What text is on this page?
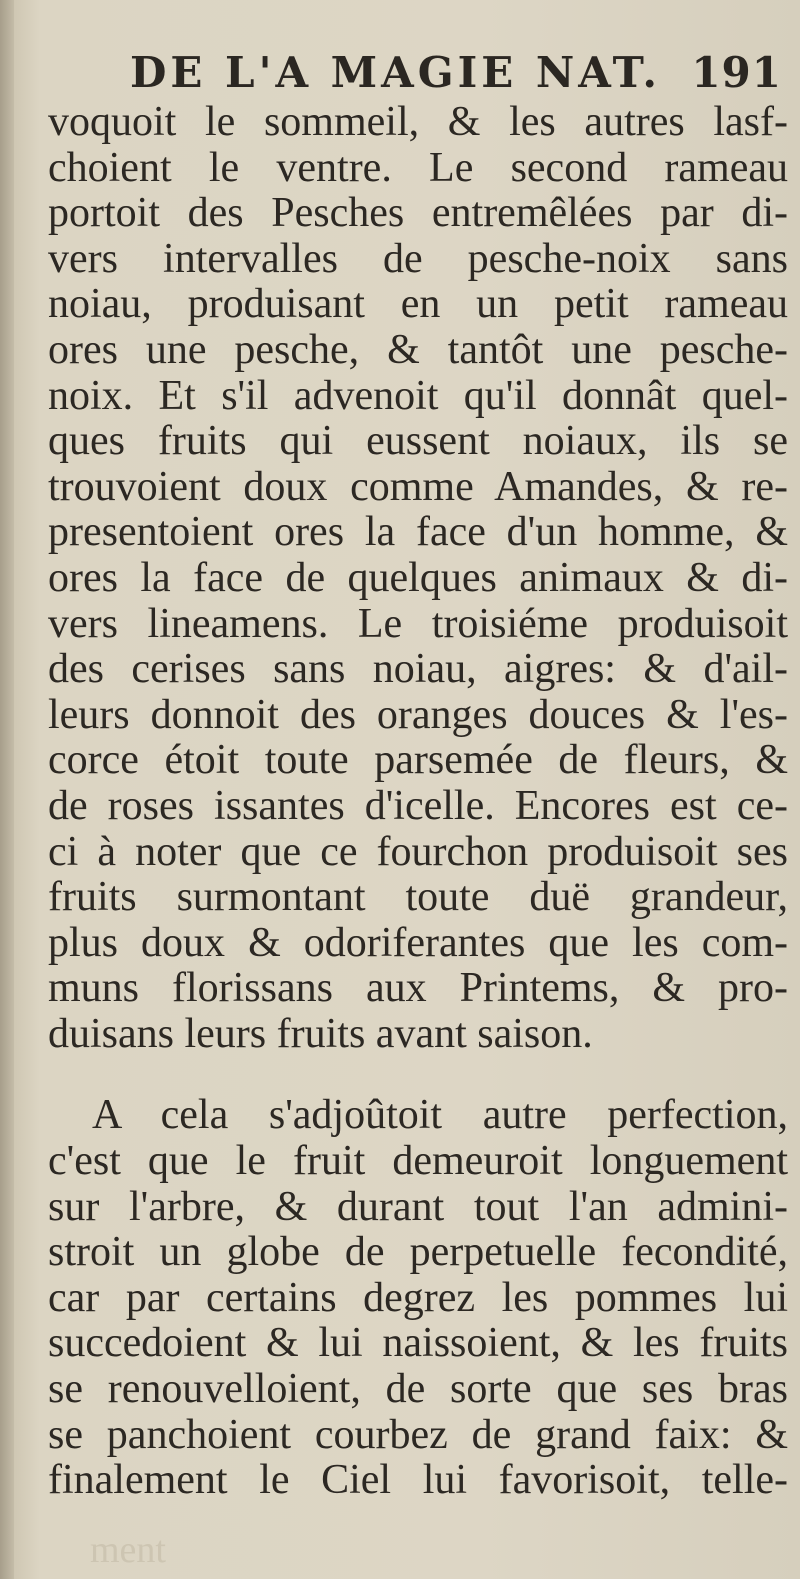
DE L'A MAGIE NAT. 191
voquoit le sommeil, & les autres lasf-
choient le ventre. Le second rameau
portoit des Pesches entremêlées par di-
vers intervalles de pesche-noix sans
noiau, produisant en un petit rameau
ores une pesche, & tantôt une pesche-
noix. Et s'il advenoit qu'il donnât quel-
ques fruits qui eussent noiaux, ils se
trouvoient doux comme Amandes, & re-
presentoient ores la face d'un homme, &
ores la face de quelques animaux & di-
vers lineamens. Le troisiéme produisoit
des cerises sans noiau, aigres: & d'ail-
leurs donnoit des oranges douces & l'es-
corce étoit toute parsemée de fleurs, &
de roses issantes d'icelle. Encores est ce-
ci à noter que ce fourchon produisoit ses
fruits surmontant toute duë grandeur,
plus doux & odoriferantes que les com-
muns florissans aux Printems, & pro-
duisans leurs fruits avant saison.
A cela s'adjoûtoit autre perfection,
c'est que le fruit demeuroit longuement
sur l'arbre, & durant tout l'an admini-
stroit un globe de perpetuelle fecondité,
car par certains degrez les pommes lui
succedoient & lui naissoient, & les fruits
se renouvelloient, de sorte que ses bras
se panchoient courbez de grand faix: &
finalement le Ciel lui favorisoit, telle-
ment
